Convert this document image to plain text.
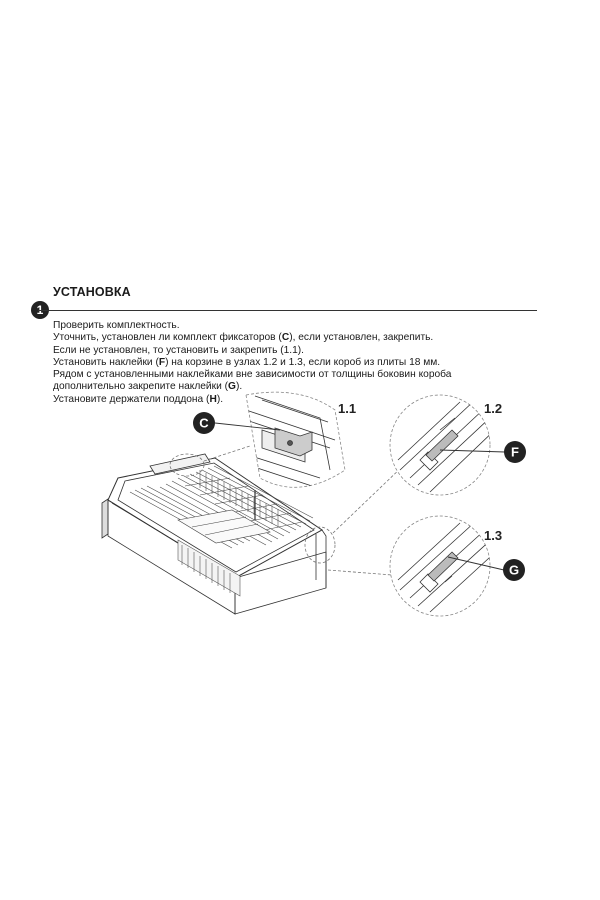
УСТАНОВКА
Проверить комплектность.
Уточнить, установлен ли комплект фиксаторов (C), если установлен, закрепить.
Если не установлен, то установить и закрепить (1.1).
Установить наклейки (F) на корзине в узлах 1.2 и 1.3, если короб из плиты 18 мм.
Рядом с установленными наклейками вне зависимости от толщины боковин короба
дополнительно закрепите наклейки (G).
Установите держатели поддона (H).
C
F
G
1.1	1.2
1.3
